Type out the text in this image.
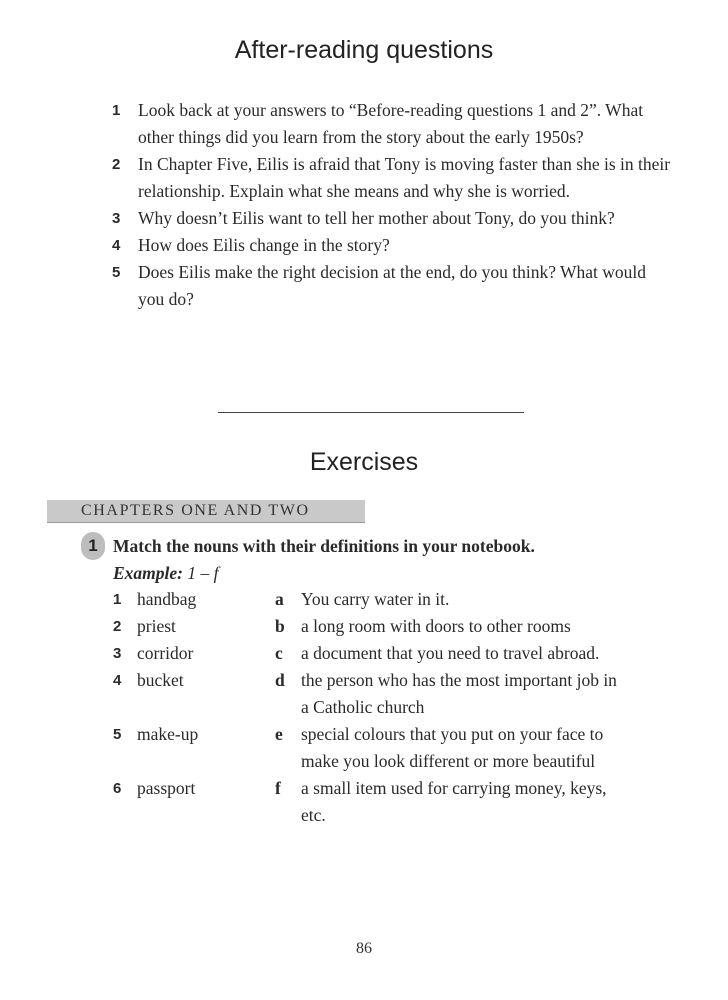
After-reading questions
1 Look back at your answers to “Before-reading questions 1 and 2”. What other things did you learn from the story about the early 1950s?
2 In Chapter Five, Eilis is afraid that Tony is moving faster than she is in their relationship. Explain what she means and why she is worried.
3 Why doesn’t Eilis want to tell her mother about Tony, do you think?
4 How does Eilis change in the story?
5 Does Eilis make the right decision at the end, do you think? What would you do?
Exercises
CHAPTERS ONE AND TWO
1 Match the nouns with their definitions in your notebook.
Example: 1 – f
1 handbag	a You carry water in it.
2 priest	b a long room with doors to other rooms
3 corridor	c	a document that you need to travel abroad.
4 bucket	d the person who has the most important job in a Catholic church
5 make-up	e	special colours that you put on your face to make you look different or more beautiful
6 passport	f	a small item used for carrying money, keys, etc.
86
